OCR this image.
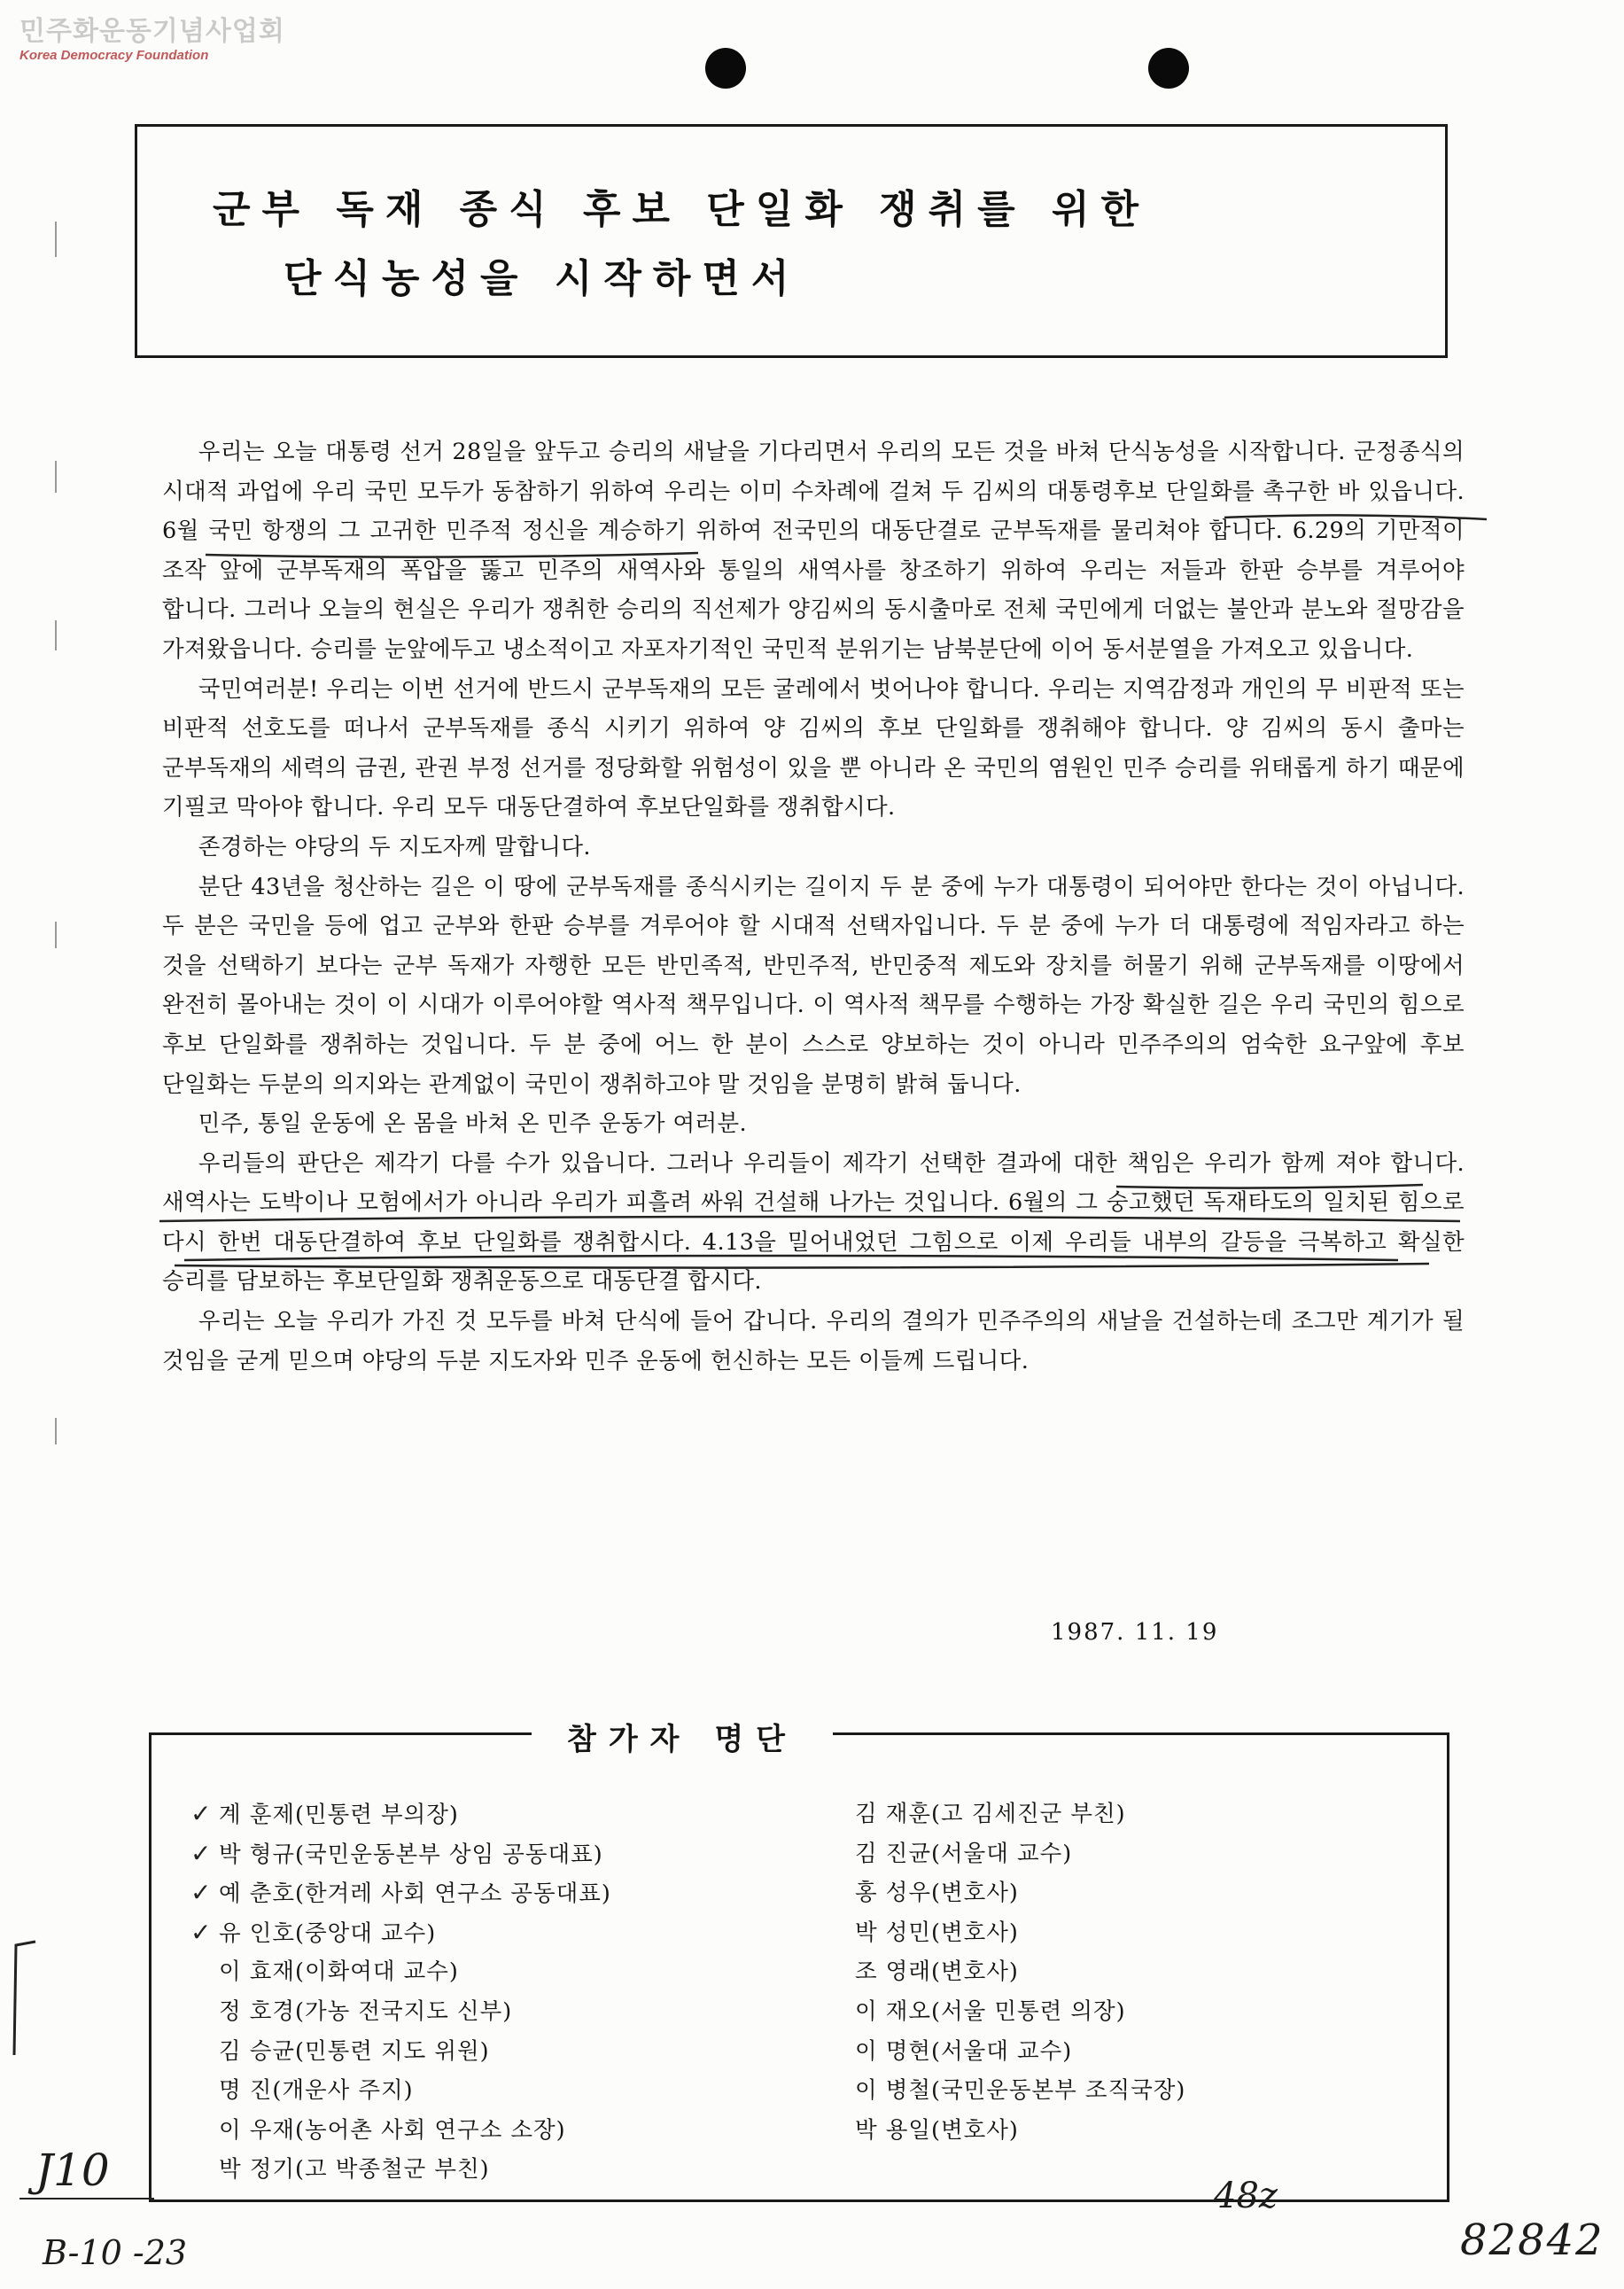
민주화운동기념사업회
Korea Democracy Foundation
군부 독재 종식 후보 단일화 쟁취를 위한
단식농성을 시작하면서

우리는 오늘 대통령 선거 28일을 앞두고 승리의 새날을 기다리면서 우리의 모든 것을 바쳐 단식농성을 시작합니다. 군정종식의 시대적 과업에 우리 국민 모두가 동참하기 위하여 우리는 이미 수차례에 걸쳐 두 김씨의 대통령후보 단일화를 촉구한 바 있읍니다. 6월 국민 항쟁의 그 고귀한 민주적 정신을 계승하기 위하여 전국민의 대동단결로 군부독재를 물리쳐야 합니다. 6.29의 기만적이 조작 앞에 군부독재의 폭압을 뚫고 민주의 새역사와 통일의 새역사를 창조하기 위하여 우리는 저들과 한판 승부를 겨루어야 합니다. 그러나 오늘의 현실은 우리가 쟁취한 승리의 직선제가 양김씨의 동시출마로 전체 국민에게 더없는 불안과 분노와 절망감을 가져왔읍니다. 승리를 눈앞에두고 냉소적이고 자포자기적인 국민적 분위기는 남북분단에 이어 동서분열을 가져오고 있읍니다.

국민여러분! 우리는 이번 선거에 반드시 군부독재의 모든 굴레에서 벗어나야 합니다. 우리는 지역감정과 개인의 무 비판적 또는 비판적 선호도를 떠나서 군부독재를 종식 시키기 위하여 양 김씨의 후보 단일화를 쟁취해야 합니다. 양 김씨의 동시 출마는 군부독재의 세력의 금권, 관권 부정 선거를 정당화할 위험성이 있을 뿐 아니라 온 국민의 염원인 민주 승리를 위태롭게 하기 때문에 기필코 막아야 합니다. 우리 모두 대동단결하여 후보단일화를 쟁취합시다.

존경하는 야당의 두 지도자께 말합니다.

분단 43년을 청산하는 길은 이 땅에 군부독재를 종식시키는 길이지 두 분 중에 누가 대통령이 되어야만 한다는 것이 아닙니다. 두 분은 국민을 등에 업고 군부와 한판 승부를 겨루어야 할 시대적 선택자입니다. 두 분 중에 누가 더 대통령에 적임자라고 하는 것을 선택하기 보다는 군부 독재가 자행한 모든 반민족적, 반민주적, 반민중적 제도와 장치를 허물기 위해 군부독재를 이땅에서 완전히 몰아내는 것이 이 시대가 이루어야할 역사적 책무입니다. 이 역사적 책무를 수행하는 가장 확실한 길은 우리 국민의 힘으로 후보 단일화를 쟁취하는 것입니다. 두 분 중에 어느 한 분이 스스로 양보하는 것이 아니라 민주주의의 엄숙한 요구앞에 후보 단일화는 두분의 의지와는 관계없이 국민이 쟁취하고야 말 것임을 분명히 밝혀 둡니다.

민주, 통일 운동에 온 몸을 바쳐 온 민주 운동가 여러분.

우리들의 판단은 제각기 다를 수가 있읍니다. 그러나 우리들이 제각기 선택한 결과에 대한 책임은 우리가 함께 져야 합니다. 새역사는 도박이나 모험에서가 아니라 우리가 피흘려 싸워 건설해 나가는 것입니다. 6월의 그 숭고했던 독재타도의 일치된 힘으로 다시 한번 대동단결하여 후보 단일화를 쟁취합시다. 4.13을 밀어내었던 그힘으로 이제 우리들 내부의 갈등을 극복하고 확실한 승리를 담보하는 후보단일화 쟁취운동으로 대동단결 합시다.

우리는 오늘 우리가 가진 것 모두를 바쳐 단식에 들어 갑니다. 우리의 결의가 민주주의의 새날을 건설하는데 조그만 계기가 될 것임을 굳게 믿으며 야당의 두분 지도자와 민주 운동에 헌신하는 모든 이들께 드립니다.

1987. 11. 19
참가자 명단
✓ 계 훈제(민통련 부의장)
✓ 박 형규(국민운동본부 상임 공동대표)
✓ 예 춘호(한겨레 사회 연구소 공동대표)
✓ 유 인호(중앙대 교수)
이 효재(이화여대 교수)
정 호경(가농 전국지도 신부)
김 승균(민통련 지도 위원)
명 진(개운사 주지)
이 우재(농어촌 사회 연구소 소장)
박 정기(고 박종철군 부친)
김 재훈(고 김세진군 부친)
김 진균(서울대 교수)
홍 성우(변호사)
박 성민(변호사)
조 영래(변호사)
이 재오(서울 민통련 의장)
이 명현(서울대 교수)
이 병철(국민운동본부 조직국장)
박 용일(변호사)
J10
B-10 -23
48z
82842
